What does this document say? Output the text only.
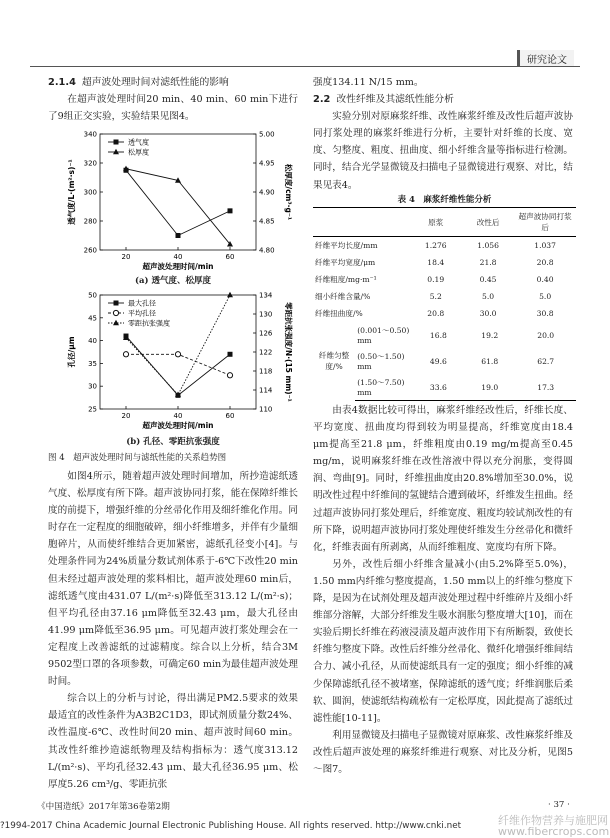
研究论文
2.1.4 超声波处理时间对滤纸性能的影响

在超声波处理时间20 min、40 min、60 min下进行了9组正交实验，实验结果见图4。

20	40	60
超声波处理时间/min
260
280
300
320
340
4.80
4.85
4.90
4.95
5.00
透气度/L·(m²·s)⁻¹	松厚度/cm³·g⁻¹
透气度
松厚度
(a) 透气度、松厚度
20	40	60
超声波处理时间/min
25
30
35
40
45
50
110
114
118
122
126
130
134
孔径/μm	零距抗张强度/N·(15 mm)⁻¹
最大孔径
平均孔径
零距抗张强度
(b) 孔径、零距抗张强度
图 4　超声波处理时间与滤纸性能的关系趋势图

如图4所示，随着超声波处理时间增加，所抄造滤纸透气度、松厚度有所下降。超声波协同打浆，能在保障纤维长度的前提下，增强纤维的分丝帚化作用及细纤维化作用。同时存在一定程度的细胞破碎，细小纤维增多，并伴有少量细胞碎片，从而使纤维结合更加紧密，滤纸孔径变小[4]。与处理条件同为24%质量分数试剂体系于-6℃下改性20 min但未经过超声波处理的浆料相比，超声波处理60 min后，滤纸透气度由431.07 L/(m²·s)降低至313.12 L/(m²·s)；但平均孔径由37.16 μm降低至32.43 μm，最大孔径由41.99 μm降低至36.95 μm。可见超声波打浆处理会在一定程度上改善滤纸的过滤精度。综合以上分析，结合3M 9502型口罩的各项参数，可确定60 min为最佳超声波处理时间。

综合以上的分析与讨论，得出满足PM2.5要求的效果最适宜的改性条件为A3B2C1D3，即试剂质量分数24%、改性温度-6℃、改性时间20 min、超声波时间60 min。其改性纤维抄造滤纸物理及结构指标为：透气度313.12 L/(m²·s)、平均孔径32.43 μm、最大孔径36.95 μm、松厚度5.26 cm³/g、零距抗张

强度134.11 N/15 mm。
2.2 改性纤维及其滤纸性能分析

实验分别对原麻浆纤维、改性麻浆纤维及改性后超声波协同打浆处理的麻浆纤维进行分析，主要针对纤维的长度、宽度、匀整度、粗度、扭曲度、细小纤维含量等指标进行检测。同时，结合光学显微镜及扫描电子显微镜进行观察、对比，结果见表4。

表 4　麻浆纤维性能分析
	原浆	改性后	超声波协同打浆后
纤维平均长度/mm	1.276	1.056	1.037
纤维平均宽度/μm	18.4	21.8	20.8
纤维粗度/mg·m⁻¹	0.19	0.45	0.40
细小纤维含量/%	5.2	5.0	5.0
纤维扭曲度/%	20.8	30.0	30.8
纤维匀整度/%	(0.001～0.50) mm	16.8	19.2	20.0
	(0.50～1.50) mm	49.6	61.8	62.7
	(1.50～7.50) mm	33.6	19.0	17.3

由表4数据比较可得出，麻浆纤维经改性后，纤维长度、平均宽度、扭曲度均得到较为明显提高，纤维宽度由18.4 μm提高至21.8 μm，纤维粗度由0.19 mg/m提高至0.45 mg/m，说明麻浆纤维在改性溶液中得以充分润胀，变得圆润、弯曲[9]。同时，纤维扭曲度由20.8%增加至30.0%，说明改性过程中纤维间的氢键结合遭到破坏，纤维发生扭曲。经过超声波协同打浆处理后，纤维宽度、粗度均较试剂改性的有所下降，说明超声波协同打浆处理使纤维发生分丝帚化和微纤化，纤维表面有所剥离，从而纤维粗度、宽度均有所下降。

另外，改性后细小纤维含量减小(由5.2%降至5.0%)，1.50 mm内纤维匀整度提高，1.50 mm以上的纤维匀整度下降，是因为在试剂处理及超声波处理过程中纤维碎片及细小纤维部分溶解，大部分纤维发生吸水润胀匀整度增大[10]，而在实验后期长纤维在药液浸渍及超声波作用下有所断裂，致使长纤维匀整度下降。改性后纤维分丝帚化、微纤化增强纤维间结合力、减小孔径，从而使滤纸具有一定的强度；细小纤维的减少保障滤纸孔径不被堵塞，保障滤纸的透气度；纤维润胀后柔软、圆润，使滤纸结构疏松有一定松厚度，因此提高了滤纸过滤性能[10-11]。

利用显微镜及扫描电子显微镜对原麻浆、改性麻浆纤维及改性后超声波处理的麻浆纤维进行观察、对比及分析，见图5～图7。

《中国造纸》2017年第36卷第2期	· 37 ·
?1994-2017 China Academic Journal Electronic Publishing House. All rights reserved. http://www.cnki.net	纤维作物营养与施肥网
www.fibercrops.com
